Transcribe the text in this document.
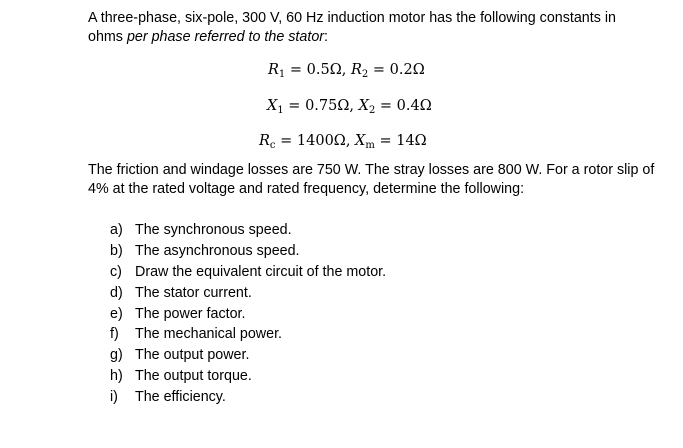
A three-phase, six-pole, 300 V, 60 Hz induction motor has the following constants in
ohms per phase referred to the stator:

$R_1 = 0.5\Omega$, $R_2 = 0.2\Omega$
$X_1 = 0.75\Omega$, $X_2 = 0.4\Omega$
$R_c = 1400\Omega$, $X_m = 14\Omega$

The friction and windage losses are 750 W. The stray losses are 800 W. For a rotor slip of
4% at the rated voltage and rated frequency, determine the following:

a) The synchronous speed.
b) The asynchronous speed.
c) Draw the equivalent circuit of the motor.
d) The stator current.
e) The power factor.
f) The mechanical power.
g) The output power.
h) The output torque.
i) The efficiency.
